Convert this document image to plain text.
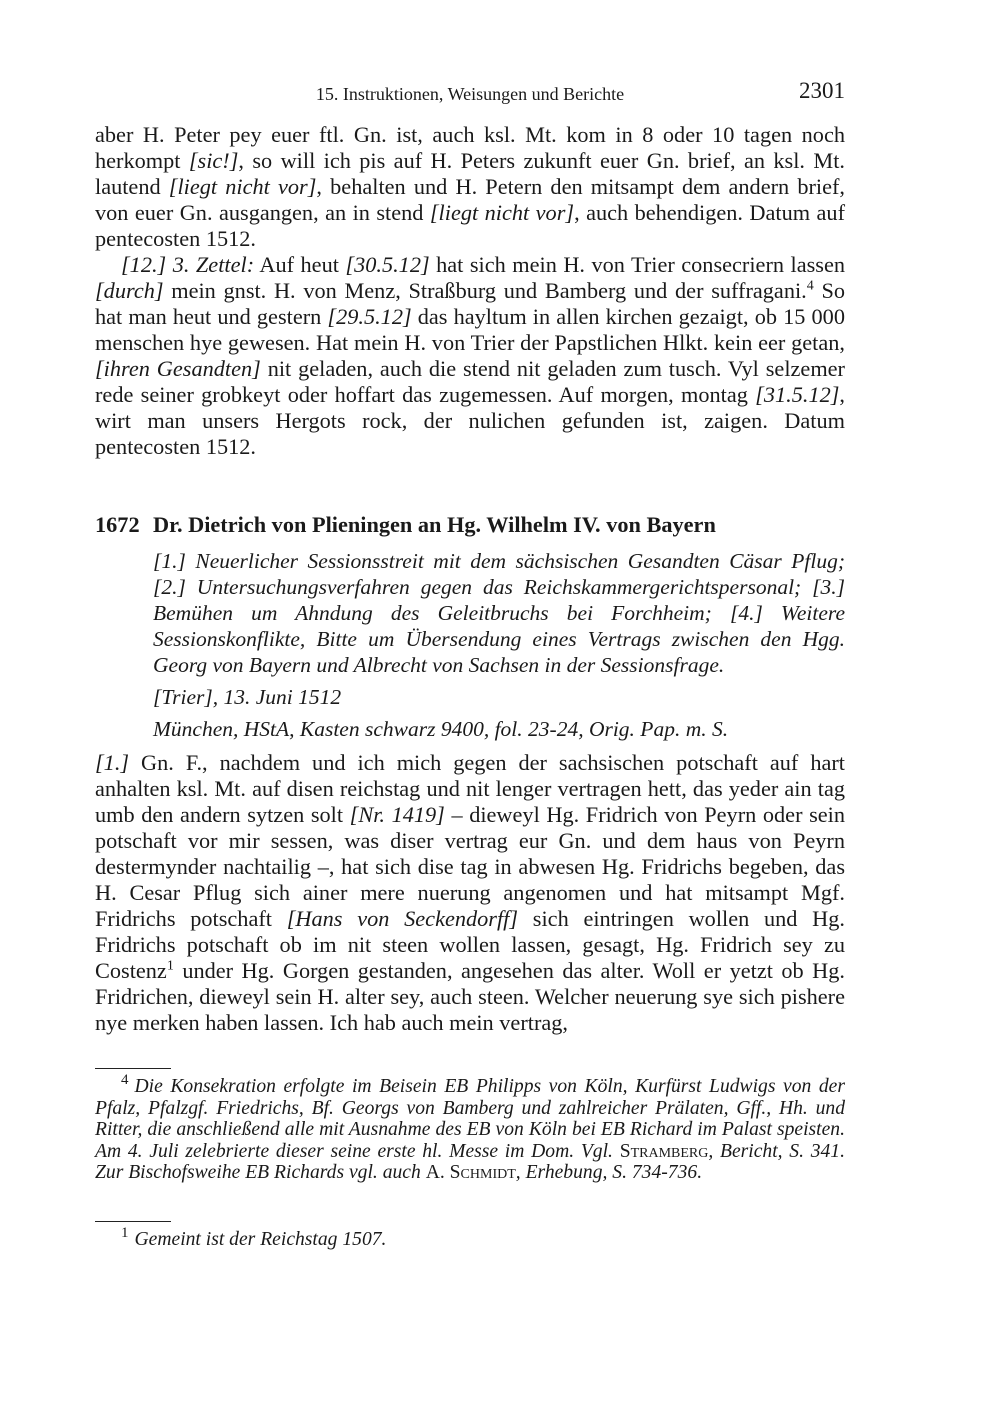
15. Instruktionen, Weisungen und Berichte	2301

aber H. Peter pey euer ftl. Gn. ist, auch ksl. Mt. kom in 8 oder 10 tagen noch herkompt [sic!], so will ich pis auf H. Peters zukunft euer Gn. brief, an ksl. Mt. lautend [liegt nicht vor], behalten und H. Petern den mitsampt dem andern brief, von euer Gn. ausgangen, an in stend [liegt nicht vor], auch behendigen. Datum auf pentecosten 1512.

[12.] 3. Zettel: Auf heut [30.5.12] hat sich mein H. von Trier consecriern lassen [durch] mein gnst. H. von Menz, Straßburg und Bamberg und der suffragani.$^4$ So hat man heut und gestern [29.5.12] das hayltum in allen kirchen gezaigt, ob 15 000 menschen hye gewesen. Hat mein H. von Trier der Papstlichen Hlkt. kein eer getan, [ihren Gesandten] nit geladen, auch die stend nit geladen zum tusch. Vyl selzemer rede seiner grobkeyt oder hoffart das zugemessen. Auf morgen, montag [31.5.12], wirt man unsers Hergots rock, der nulichen gefunden ist, zaigen. Datum pentecosten 1512.

1672 Dr. Dietrich von Plieningen an Hg. Wilhelm IV. von Bayern

[1.] Neuerlicher Sessionsstreit mit dem sächsischen Gesandten Cäsar Pflug; [2.] Untersuchungsverfahren gegen das Reichskammergerichtspersonal; [3.] Bemühen um Ahndung des Geleitbruchs bei Forchheim; [4.] Weitere Sessionskonflikte, Bitte um Übersendung eines Vertrags zwischen den Hgg. Georg von Bayern und Albrecht von Sachsen in der Sessionsfrage.

[Trier], 13. Juni 1512
München, HStA, Kasten schwarz 9400, fol. 23-24, Orig. Pap. m. S.

[1.] Gn. F., nachdem und ich mich gegen der sachsischen potschaft auf hart anhalten ksl. Mt. auf disen reichstag und nit lenger vertragen hett, das yeder ain tag umb den andern sytzen solt [Nr. 1419] – dieweyl Hg. Fridrich von Peyrn oder sein potschaft vor mir sessen, was diser vertrag eur Gn. und dem haus von Peyrn destermynder nachtailig –, hat sich dise tag in abwesen Hg. Fridrichs begeben, das H. Cesar Pflug sich ainer mere nuerung angenomen und hat mitsampt Mgf. Fridrichs potschaft [Hans von Seckendorff] sich eintringen wollen und Hg. Fridrichs potschaft ob im nit steen wollen lassen, gesagt, Hg. Fridrich sey zu Costenz$^1$ under Hg. Gorgen gestanden, angesehen das alter. Woll er yetzt ob Hg. Fridrichen, dieweyl sein H. alter sey, auch steen. Welcher neuerung sye sich pishere nye merken haben lassen. Ich hab auch mein vertrag,

$^4$ Die Konsekration erfolgte im Beisein EB Philipps von Köln, Kurfürst Ludwigs von der Pfalz, Pfalzgf. Friedrichs, Bf. Georgs von Bamberg und zahlreicher Prälaten, Gff., Hh. und Ritter, die anschließend alle mit Ausnahme des EB von Köln bei EB Richard im Palast speisten. Am 4. Juli zelebrierte dieser seine erste hl. Messe im Dom. Vgl. Stramberg, Bericht, S. 341. Zur Bischofsweihe EB Richards vgl. auch A. Schmidt, Erhebung, S. 734-736.

$^1$ Gemeint ist der Reichstag 1507.
